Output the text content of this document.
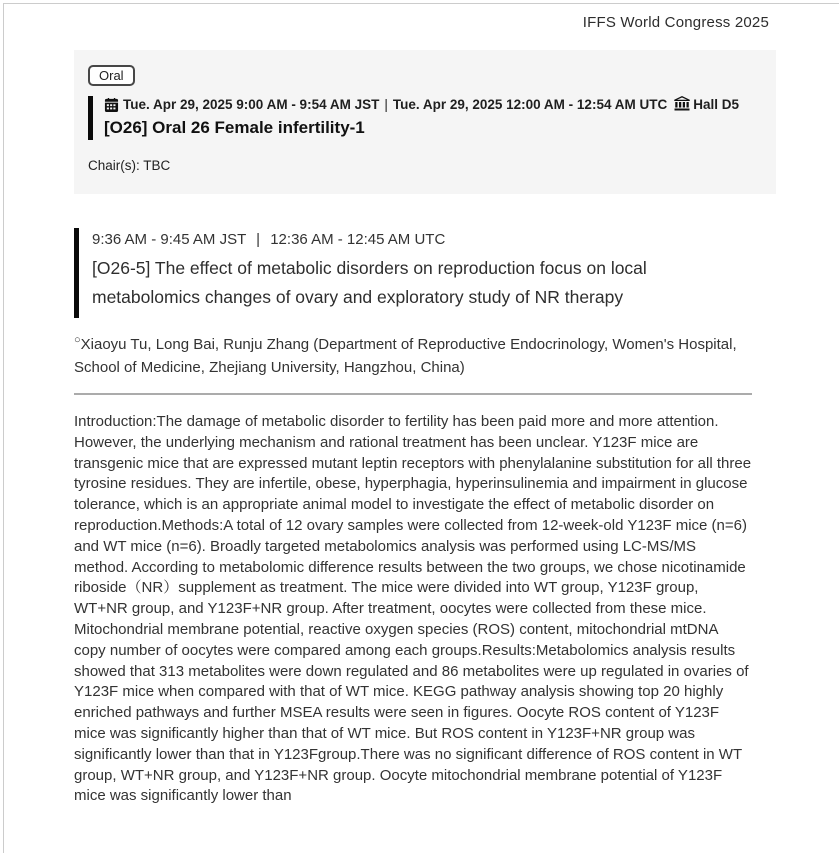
IFFS World Congress 2025
Oral
Tue. Apr 29, 2025 9:00 AM - 9:54 AM JST | Tue. Apr 29, 2025 12:00 AM - 12:54 AM UTC Hall D5
[O26] Oral 26 Female infertility-1
Chair(s): TBC
9:36 AM - 9:45 AM JST | 12:36 AM - 12:45 AM UTC
[O26-5] The effect of metabolic disorders on reproduction focus on local metabolomics changes of ovary and exploratory study of NR therapy

○Xiaoyu Tu, Long Bai, Runju Zhang (Department of Reproductive Endocrinology, Women's Hospital, School of Medicine, Zhejiang University, Hangzhou, China)

Introduction:The damage of metabolic disorder to fertility has been paid more and more attention. However, the underlying mechanism and rational treatment has been unclear. Y123F mice are transgenic mice that are expressed mutant leptin receptors with phenylalanine substitution for all three tyrosine residues. They are infertile, obese, hyperphagia, hyperinsulinemia and impairment in glucose tolerance, which is an appropriate animal model to investigate the effect of metabolic disorder on reproduction.Methods:A total of 12 ovary samples were collected from 12-week-old Y123F mice (n=6) and WT mice (n=6). Broadly targeted metabolomics analysis was performed using LC-MS/MS method. According to metabolomic difference results between the two groups, we chose nicotinamide riboside（NR）supplement as treatment. The mice were divided into WT group, Y123F group, WT+NR group, and Y123F+NR group. After treatment, oocytes were collected from these mice. Mitochondrial membrane potential, reactive oxygen species (ROS) content, mitochondrial mtDNA copy number of oocytes were compared among each groups.Results:Metabolomics analysis results showed that 313 metabolites were down regulated and 86 metabolites were up regulated in ovaries of Y123F mice when compared with that of WT mice. KEGG pathway analysis showing top 20 highly enriched pathways and further MSEA results were seen in figures. Oocyte ROS content of Y123F mice was significantly higher than that of WT mice. But ROS content in Y123F+NR group was significantly lower than that in Y123Fgroup.There was no significant difference of ROS content in WT group, WT+NR group, and Y123F+NR group. Oocyte mitochondrial membrane potential of Y123F mice was significantly lower than
